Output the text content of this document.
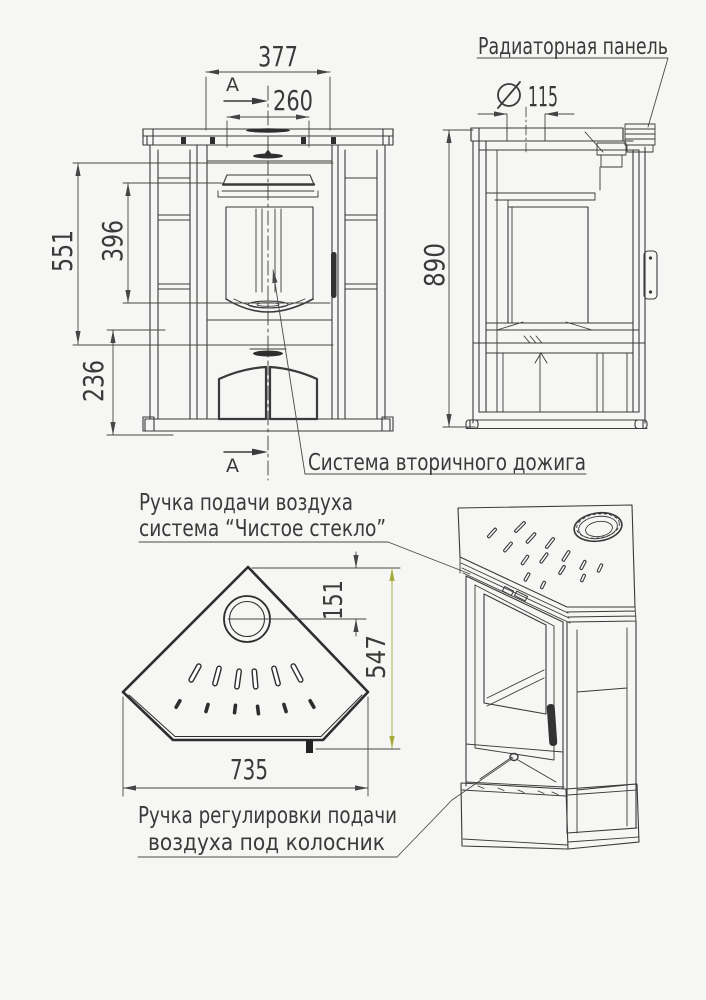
377
260
551 396
236
890
115
151
547
735
A
A
Радиаторная панель
Система вторичного дожига
Ручка подачи воздуха
система “Чистое стекло”
Ручка регулировки подачи
воздуха под колосник
